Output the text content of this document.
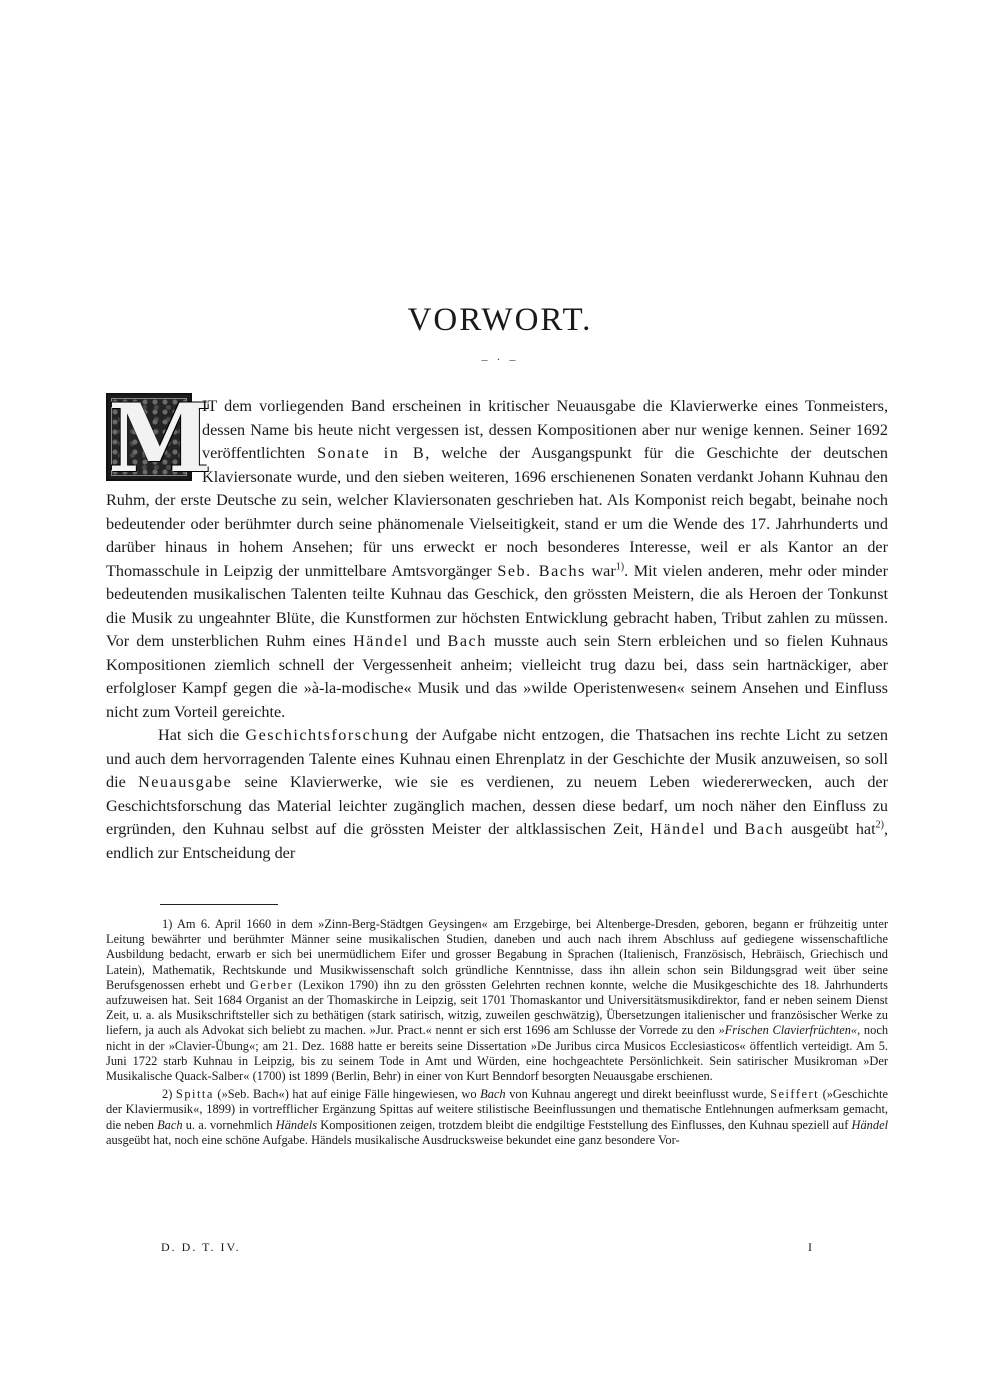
VORWORT.
– · –
M

IT dem vorliegenden Band erscheinen in kritischer Neuausgabe die Klavierwerke eines Tonmeisters, dessen Name bis heute nicht vergessen ist, dessen Kompositionen aber nur wenige kennen. Seiner 1692 veröffentlichten Sonate in B, welche der Ausgangspunkt für die Geschichte der deutschen Klaviersonate wurde, und den sieben weiteren, 1696 erschienenen Sonaten verdankt Johann Kuhnau den Ruhm, der erste Deutsche zu sein, welcher Klaviersonaten geschrieben hat. Als Komponist reich begabt, beinahe noch bedeutender oder berühmter durch seine phänomenale Vielseitigkeit, stand er um die Wende des 17. Jahrhunderts und darüber hinaus in hohem Ansehen; für uns erweckt er noch besonderes Interesse, weil er als Kantor an der Thomasschule in Leipzig der unmittelbare Amtsvorgänger Seb. Bachs war$^{1)}$. Mit vielen anderen, mehr oder minder bedeutenden musikalischen Talenten teilte Kuhnau das Geschick, den grössten Meistern, die als Heroen der Tonkunst die Musik zu ungeahnter Blüte, die Kunstformen zur höchsten Entwicklung gebracht haben, Tribut zahlen zu müssen. Vor dem unsterblichen Ruhm eines Händel und Bach musste auch sein Stern erbleichen und so fielen Kuhnaus Kompositionen ziemlich schnell der Vergessenheit anheim; vielleicht trug dazu bei, dass sein hartnäckiger, aber erfolgloser Kampf gegen die »à-la-modische« Musik und das »wilde Operistenwesen« seinem Ansehen und Einfluss nicht zum Vorteil gereichte.

Hat sich die Geschichtsforschung der Aufgabe nicht entzogen, die Thatsachen ins rechte Licht zu setzen und auch dem hervorragenden Talente eines Kuhnau einen Ehrenplatz in der Geschichte der Musik anzuweisen, so soll die Neuausgabe seine Klavierwerke, wie sie es verdienen, zu neuem Leben wiedererwecken, auch der Geschichtsforschung das Material leichter zugänglich machen, dessen diese bedarf, um noch näher den Einfluss zu ergründen, den Kuhnau selbst auf die grössten Meister der altklassischen Zeit, Händel und Bach ausgeübt hat$^{2)}$, endlich zur Entscheidung der

1) Am 6. April 1660 in dem »Zinn-Berg-Städtgen Geysingen« am Erzgebirge, bei Altenberge-Dresden, geboren, begann er frühzeitig unter Leitung bewährter und berühmter Männer seine musikalischen Studien, daneben und auch nach ihrem Abschluss auf gediegene wissenschaftliche Ausbildung bedacht, erwarb er sich bei unermüdlichem Eifer und grosser Begabung in Sprachen (Italienisch, Französisch, Hebräisch, Griechisch und Latein), Mathematik, Rechtskunde und Musikwissenschaft solch gründliche Kenntnisse, dass ihn allein schon sein Bildungsgrad weit über seine Berufsgenossen erhebt und Gerber (Lexikon 1790) ihn zu den grössten Gelehrten rechnen konnte, welche die Musikgeschichte des 18. Jahrhunderts aufzuweisen hat. Seit 1684 Organist an der Thomaskirche in Leipzig, seit 1701 Thomaskantor und Universitätsmusikdirektor, fand er neben seinem Dienst Zeit, u. a. als Musikschriftsteller sich zu bethätigen (stark satirisch, witzig, zuweilen geschwätzig), Übersetzungen italienischer und französischer Werke zu liefern, ja auch als Advokat sich beliebt zu machen. »Jur. Pract.« nennt er sich erst 1696 am Schlusse der Vorrede zu den »Frischen Clavierfrüchten«, noch nicht in der »Clavier-Übung«; am 21. Dez. 1688 hatte er bereits seine Dissertation »De Juribus circa Musicos Ecclesiasticos« öffentlich verteidigt. Am 5. Juni 1722 starb Kuhnau in Leipzig, bis zu seinem Tode in Amt und Würden, eine hochgeachtete Persönlichkeit. Sein satirischer Musikroman »Der Musikalische Quack-Salber« (1700) ist 1899 (Berlin, Behr) in einer von Kurt Benndorf besorgten Neuausgabe erschienen.

2) Spitta (»Seb. Bach«) hat auf einige Fälle hingewiesen, wo Bach von Kuhnau angeregt und direkt beeinflusst wurde, Seiffert (»Geschichte der Klaviermusik«, 1899) in vortrefflicher Ergänzung Spittas auf weitere stilistische Beeinflussungen und thematische Entlehnungen aufmerksam gemacht, die neben Bach u. a. vornehmlich Händels Kompositionen zeigen, trotzdem bleibt die endgiltige Feststellung des Einflusses, den Kuhnau speziell auf Händel ausgeübt hat, noch eine schöne Aufgabe. Händels musikalische Ausdrucksweise bekundet eine ganz besondere Vor-

D. D. T. IV.	I
